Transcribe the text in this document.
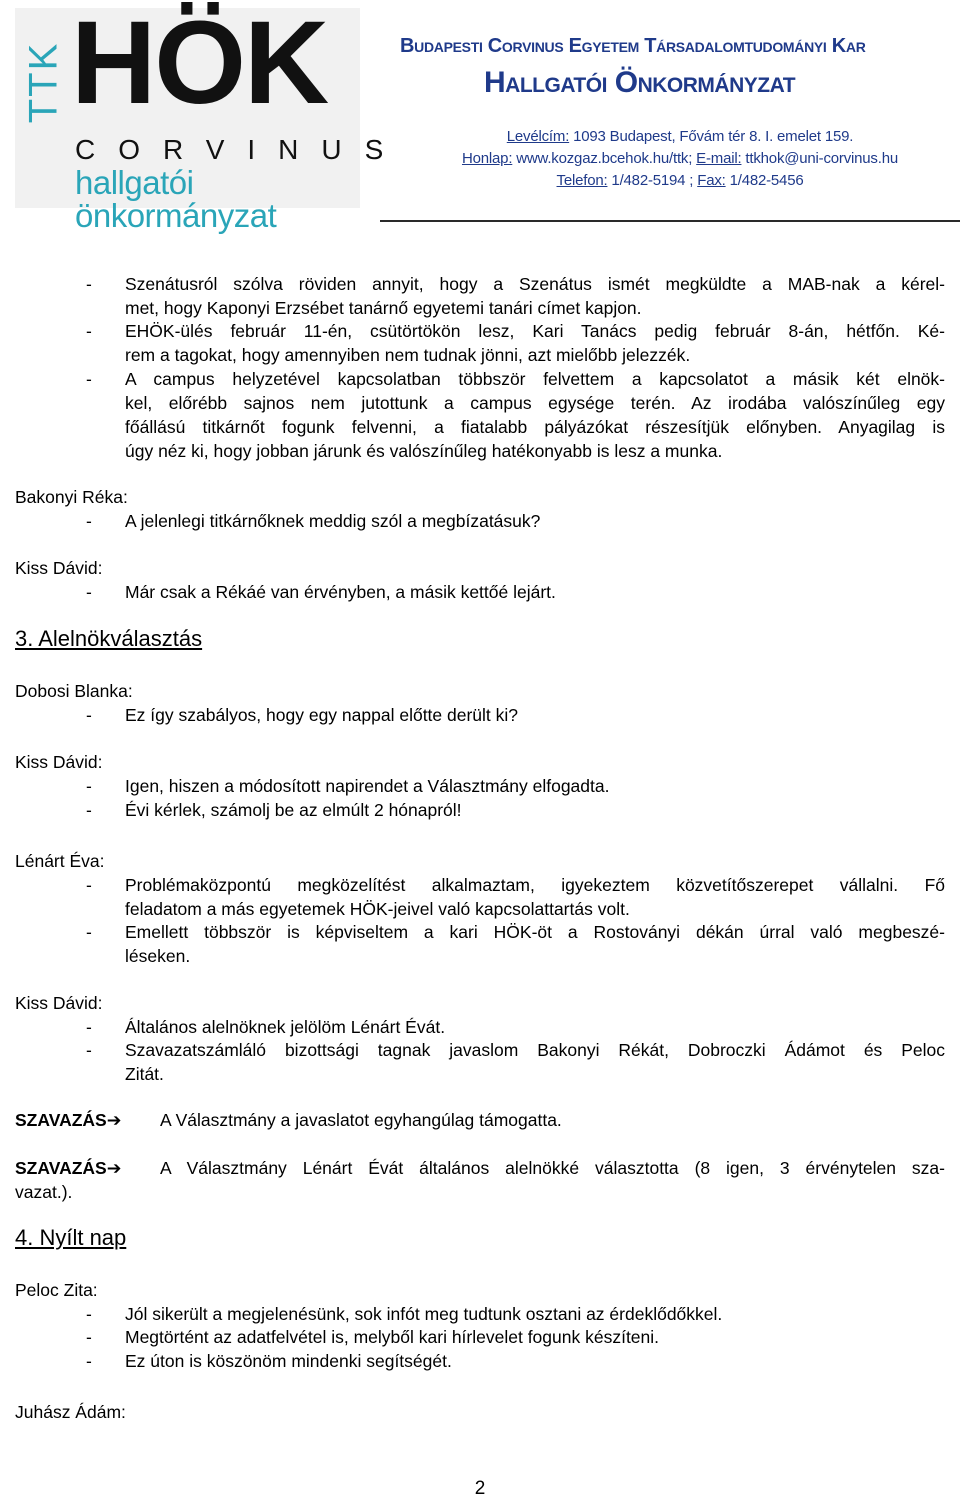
TTK HÖK
CORVINUS
hallgatói önkormányzat
Budapesti Corvinus Egyetem Társadalomtudományi Kar
Hallgatói Önkormányzat
Levélcím: 1093 Budapest, Fővám tér 8. I. emelet 159.
Honlap: www.kozgaz.bcehok.hu/ttk; E-mail: ttkhok@uni-corvinus.hu
Telefon: 1/482-5194 ; Fax: 1/482-5456
- Szenátusról szólva röviden annyit, hogy a Szenátus ismét megküldte a MAB-nak a kérel-
met, hogy Kaponyi Erzsébet tanárnő egyetemi tanári címet kapjon.
- EHÖK-ülés február 11-én, csütörtökön lesz, Kari Tanács pedig február 8-án, hétfőn. Ké-
rem a tagokat, hogy amennyiben nem tudnak jönni, azt mielőbb jelezzék.
- A campus helyzetével kapcsolatban többször felvettem a kapcsolatot a másik két elnök-
kel, előrébb sajnos nem jutottunk a campus egysége terén. Az irodába valószínűleg egy
főállású titkárnőt fogunk felvenni, a fiatalabb pályázókat részesítjük előnyben. Anyagilag is
úgy néz ki, hogy jobban járunk és valószínűleg hatékonyabb is lesz a munka.
Bakonyi Réka:
- A jelenlegi titkárnőknek meddig szól a megbízatásuk?
Kiss Dávid:
- Már csak a Rékáé van érvényben, a másik kettőé lejárt.
3. Alelnökválasztás
Dobosi Blanka:
- Ez így szabályos, hogy egy nappal előtte derült ki?
Kiss Dávid:
- Igen, hiszen a módosított napirendet a Választmány elfogadta.
- Évi kérlek, számolj be az elmúlt 2 hónapról!
Lénárt Éva:
- Problémaközpontú megközelítést alkalmaztam, igyekeztem közvetítőszerepet vállalni. Fő
feladatom a más egyetemek HÖK-jeivel való kapcsolattartás volt.
- Emellett többször is képviseltem a kari HÖK-öt a Rostoványi dékán úrral való megbeszé-
léseken.
Kiss Dávid:
- Általános alelnöknek jelölöm Lénárt Évát.
- Szavazatszámláló bizottsági tagnak javaslom Bakonyi Rékát, Dobroczki Ádámot és Peloc
Zitát.
SZAVAZÁS➔ A Választmány a javaslatot egyhangúlag támogatta.
SZAVAZÁS➔ A Választmány Lénárt Évát általános alelnökké választotta (8 igen, 3 érvénytelen sza-
vazat.).
4. Nyílt nap
Peloc Zita:
- Jól sikerült a megjelenésünk, sok infót meg tudtunk osztani az érdeklődőkkel.
- Megtörtént az adatfelvétel is, melyből kari hírlevelet fogunk készíteni.
- Ez úton is köszönöm mindenki segítségét.
Juhász Ádám:
2
